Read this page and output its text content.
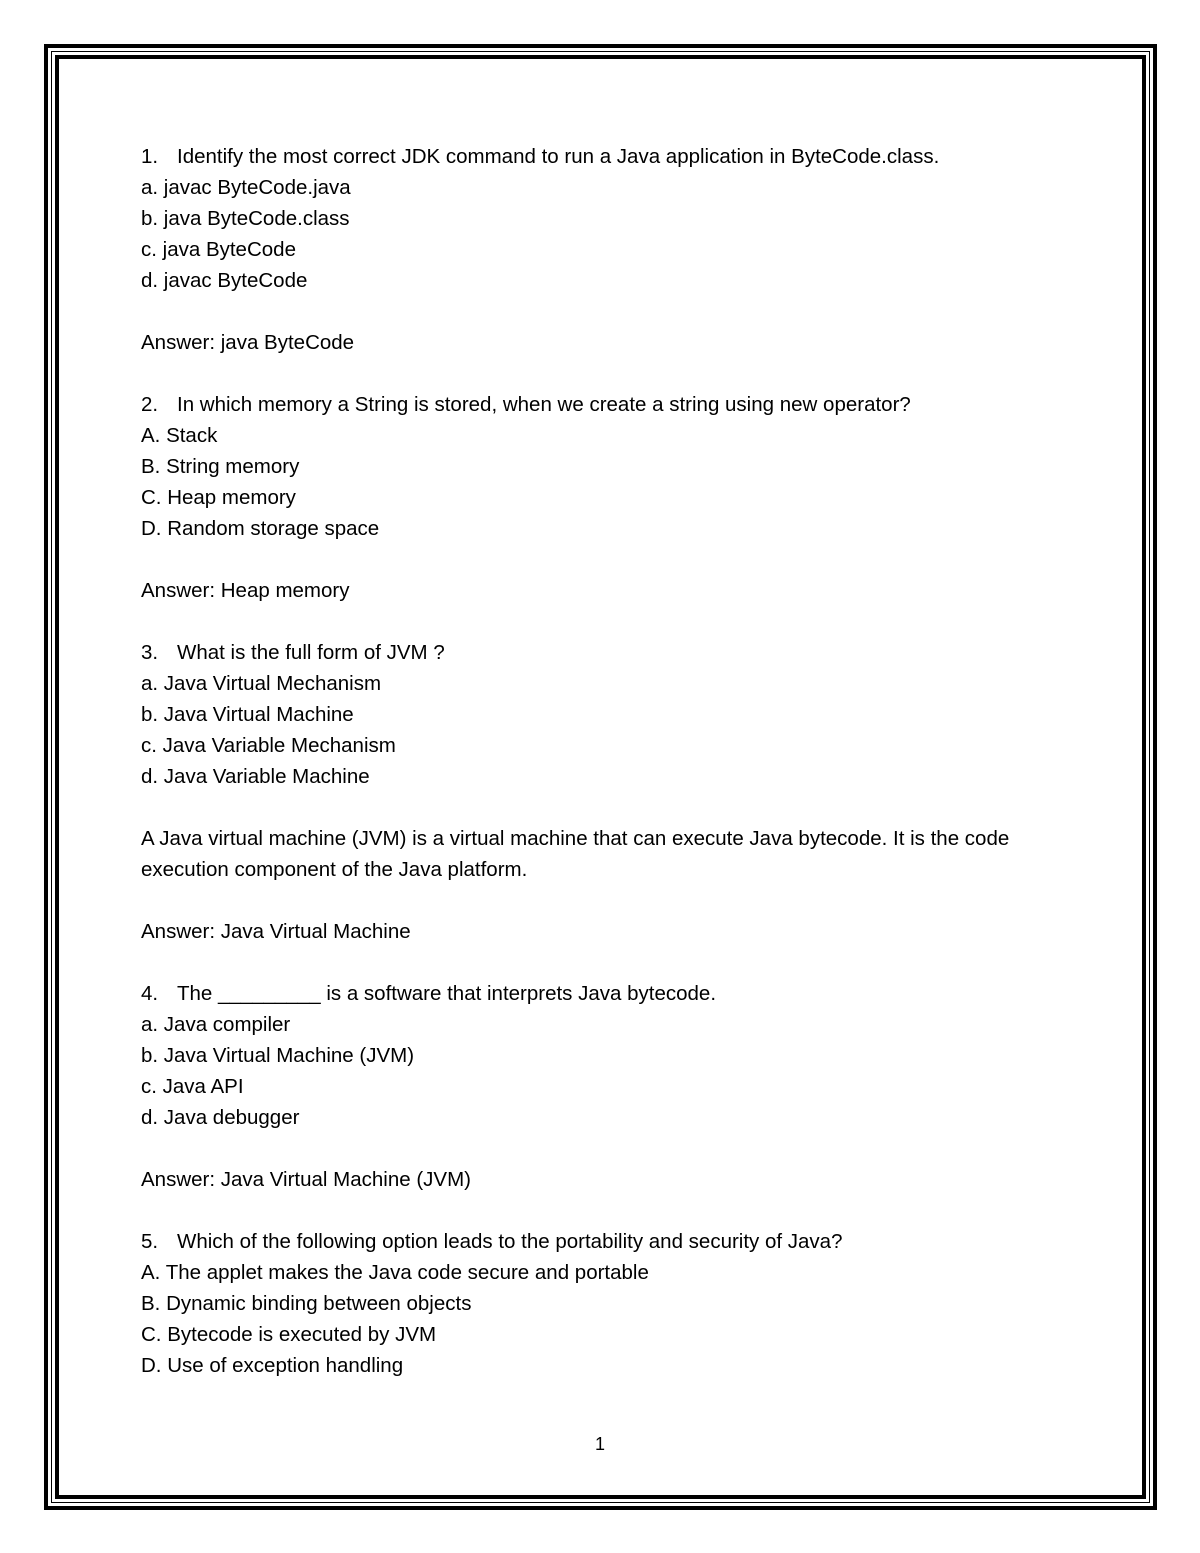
1. Identify the most correct JDK command to run a Java application in ByteCode.class.
a. javac ByteCode.java
b. java ByteCode.class
c. java ByteCode
d. javac ByteCode
Answer: java ByteCode
2. In which memory a String is stored, when we create a string using new operator?
A. Stack
B. String memory
C. Heap memory
D. Random storage space
Answer: Heap memory
3. What is the full form of JVM ?
a. Java Virtual Mechanism
b. Java Virtual Machine
c. Java Variable Mechanism
d. Java Variable Machine
A Java virtual machine (JVM) is a virtual machine that can execute Java bytecode. It is the code execution component of the Java platform.
Answer: Java Virtual Machine
4. The _________ is a software that interprets Java bytecode.
a. Java compiler
b. Java Virtual Machine (JVM)
c. Java API
d. Java debugger
Answer: Java Virtual Machine (JVM)
5. Which of the following option leads to the portability and security of Java?
A. The applet makes the Java code secure and portable
B. Dynamic binding between objects
C. Bytecode is executed by JVM
D. Use of exception handling
1
